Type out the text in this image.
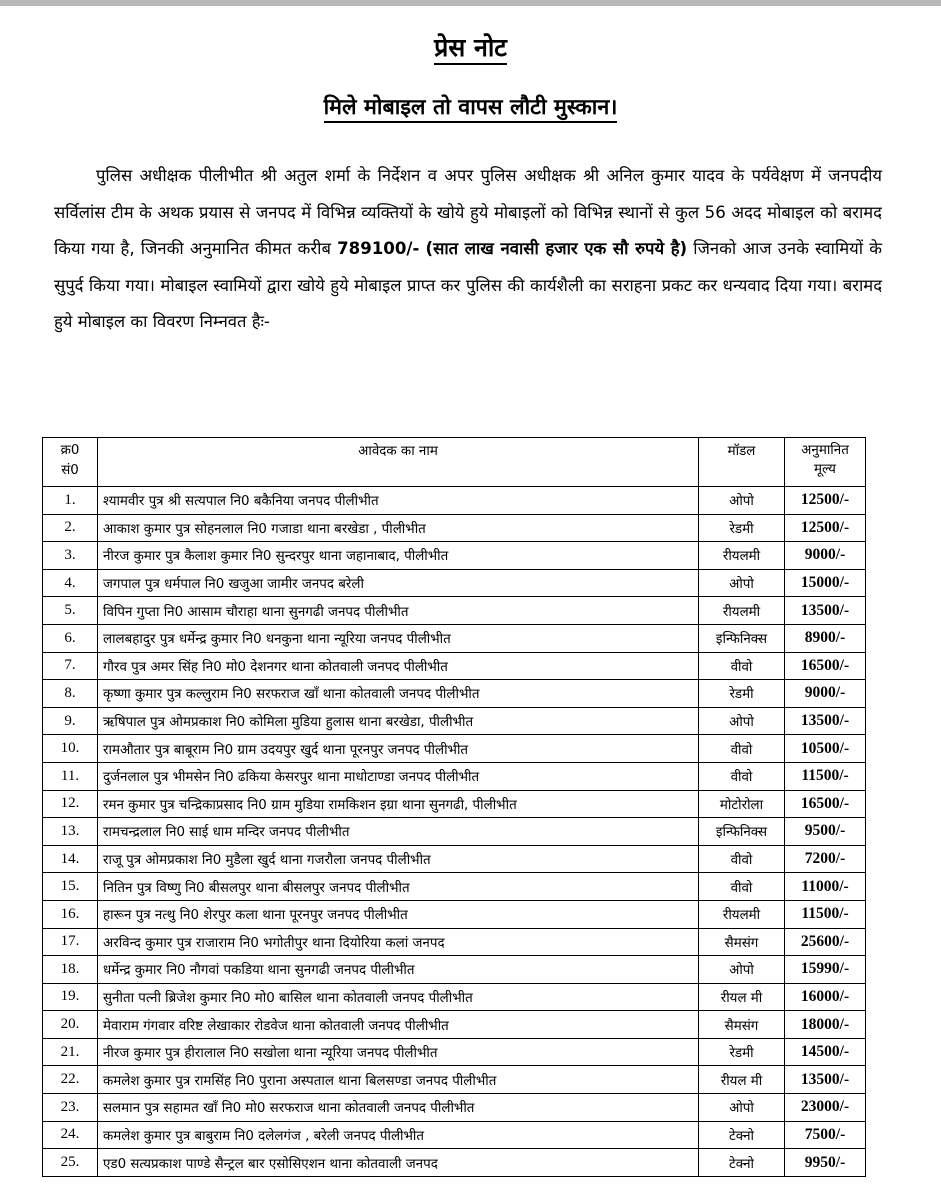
प्रेस नोट
मिले मोबाइल तो वापस लौटी मुस्कान।
पुलिस अधीक्षक पीलीभीत श्री अतुल शर्मा के निर्देशन व अपर पुलिस अधीक्षक श्री अनिल कुमार यादव के पर्यवेक्षण में जनपदीय सर्विलांस टीम के अथक प्रयास से जनपद में विभिन्न व्यक्तियों के खोये हुये मोबाइलों को विभिन्न स्थानों से कुल 56 अदद मोबाइल को बरामद किया गया है, जिनकी अनुमानित कीमत करीब 789100/- (सात लाख नवासी हजार एक सौ रुपये है) जिनको आज उनके स्वामियों के सुपुर्द किया गया। मोबाइल स्वामियों द्वारा खोये हुये मोबाइल प्राप्त कर पुलिस की कार्यशैली का सराहना प्रकट कर धन्यवाद दिया गया। बरामद हुये मोबाइल का विवरण निम्नवत हैः-
क्र0
सं0	आवेदक का नाम	मॉडल	अनुमानित
मूल्य
1.	श्यामवीर पुत्र श्री सत्यपाल नि0 बकैनिया जनपद पीलीभीत	ओपो	12500/-
2.	आकाश कुमार पुत्र सोहनलाल नि0 गजाडा थाना बरखेडा , पीलीभीत	रेडमी	12500/-
3.	नीरज कुमार पुत्र कैलाश कुमार नि0 सुन्दरपुर थाना जहानाबाद, पीलीभीत	रीयलमी	9000/-
4.	जगपाल पुत्र धर्मपाल नि0 खजुआ जामीर जनपद बरेली	ओपो	15000/-
5.	विपिन गुप्ता नि0 आसाम चौराहा थाना सुनगढी जनपद पीलीभीत	रीयलमी	13500/-
6.	लालबहादुर पुत्र धर्मेन्द्र कुमार नि0 धनकुना थाना न्यूरिया जनपद पीलीभीत	इन्फिनिक्स	8900/-
7.	गौरव पुत्र अमर सिंह नि0 मो0 देशनगर थाना कोतवाली जनपद पीलीभीत	वीवो	16500/-
8.	कृष्णा कुमार पुत्र कल्लुराम नि0 सरफराज खाँ थाना कोतवाली जनपद पीलीभीत	रेडमी	9000/-
9.	ऋषिपाल पुत्र ओमप्रकाश नि0 कोमिला मुडिया हुलास थाना बरखेडा, पीलीभीत	ओपो	13500/-
10.	रामऔतार पुत्र बाबूराम नि0 ग्राम उदयपुर खुर्द थाना पूरनपुर जनपद पीलीभीत	वीवो	10500/-
11.	दुर्जनलाल पुत्र भीमसेन नि0 ढकिया केसरपुर थाना माधोटाण्डा जनपद पीलीभीत	वीवो	11500/-
12.	रमन कुमार पुत्र चन्द्रिकाप्रसाद नि0 ग्राम मुडिया रामकिशन इग्रा थाना सुनगढी, पीलीभीत	मोटोरोला	16500/-
13.	रामचन्द्रलाल नि0 साई धाम मन्दिर जनपद पीलीभीत	इन्फिनिक्स	9500/-
14.	राजू पुत्र ओमप्रकाश नि0 मुडैला खुर्द थाना गजरौला जनपद पीलीभीत	वीवो	7200/-
15.	नितिन पुत्र विष्णु नि0 बीसलपुर थाना बीसलपुर जनपद पीलीभीत	वीवो	11000/-
16.	हारून पुत्र नत्थु नि0 शेरपुर कला थाना पूरनपुर जनपद पीलीभीत	रीयलमी	11500/-
17.	अरविन्द कुमार पुत्र राजाराम नि0 भगोतीपुर थाना दियोरिया कलां जनपद	सैमसंग	25600/-
18.	धर्मेन्द्र कुमार नि0 नौगवां पकडिया थाना सुनगढी जनपद पीलीभीत	ओपो	15990/-
19.	सुनीता पत्नी ब्रिजेश कुमार नि0 मो0 बासिल थाना कोतवाली जनपद पीलीभीत	रीयल मी	16000/-
20.	मेवाराम गंगवार वरिष्ट लेखाकार रोडवेज थाना कोतवाली जनपद पीलीभीत	सैमसंग	18000/-
21.	नीरज कुमार पुत्र हीरालाल नि0 सखोला थाना न्यूरिया जनपद पीलीभीत	रेडमी	14500/-
22.	कमलेश कुमार पुत्र रामसिंह नि0 पुराना अस्पताल थाना बिलसण्डा जनपद पीलीभीत	रीयल मी	13500/-
23.	सलमान पुत्र सहामत खाँ नि0 मो0 सरफराज थाना कोतवाली जनपद पीलीभीत	ओपो	23000/-
24.	कमलेश कुमार पुत्र बाबुराम नि0 दलेलगंज , बरेली जनपद पीलीभीत	टेक्नो	7500/-
25.	एड0 सत्यप्रकाश पाण्डे सैन्ट्रल बार एसोसिएशन थाना कोतवाली जनपद	टेक्नो	9950/-
